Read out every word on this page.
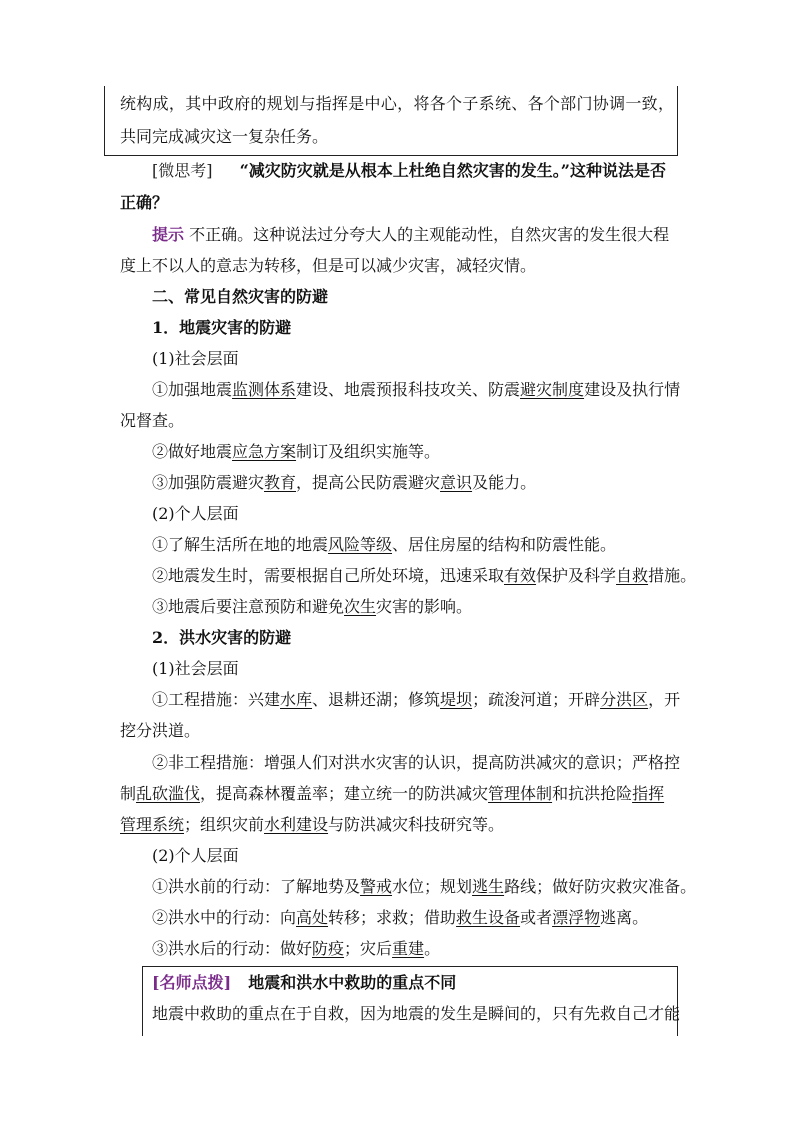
统构成，其中政府的规划与指挥是中心，将各个子系统、各个部门协调一致，
共同完成减灾这一复杂任务。
[微思考] “减灾防灾就是从根本上杜绝自然灾害的发生。”这种说法是否
正确？
提示 不正确。这种说法过分夸大人的主观能动性，自然灾害的发生很大程
度上不以人的意志为转移，但是可以减少灾害，减轻灾情。
二、常见自然灾害的防避
1．地震灾害的防避
(1)社会层面
①加强地震监测体系建设、地震预报科技攻关、防震避灾制度建设及执行情
况督查。
②做好地震应急方案制订及组织实施等。
③加强防震避灾教育，提高公民防震避灾意识及能力。
(2)个人层面
①了解生活所在地的地震风险等级、居住房屋的结构和防震性能。
②地震发生时，需要根据自己所处环境，迅速采取有效保护及科学自救措施。
③地震后要注意预防和避免次生灾害的影响。
2．洪水灾害的防避
(1)社会层面
①工程措施：兴建水库、退耕还湖；修筑堤坝；疏浚河道；开辟分洪区，开
挖分洪道。
②非工程措施：增强人们对洪水灾害的认识，提高防洪减灾的意识；严格控
制乱砍滥伐，提高森林覆盖率；建立统一的防洪减灾管理体制和抗洪抢险指挥
管理系统；组织灾前水利建设与防洪减灾科技研究等。
(2)个人层面
①洪水前的行动：了解地势及警戒水位；规划逃生路线；做好防灾救灾准备。
②洪水中的行动：向高处转移；求救；借助救生设备或者漂浮物逃离。
③洪水后的行动：做好防疫；灾后重建。
[名师点拨] 地震和洪水中救助的重点不同
地震中救助的重点在于自救，因为地震的发生是瞬间的，只有先救自己才能
